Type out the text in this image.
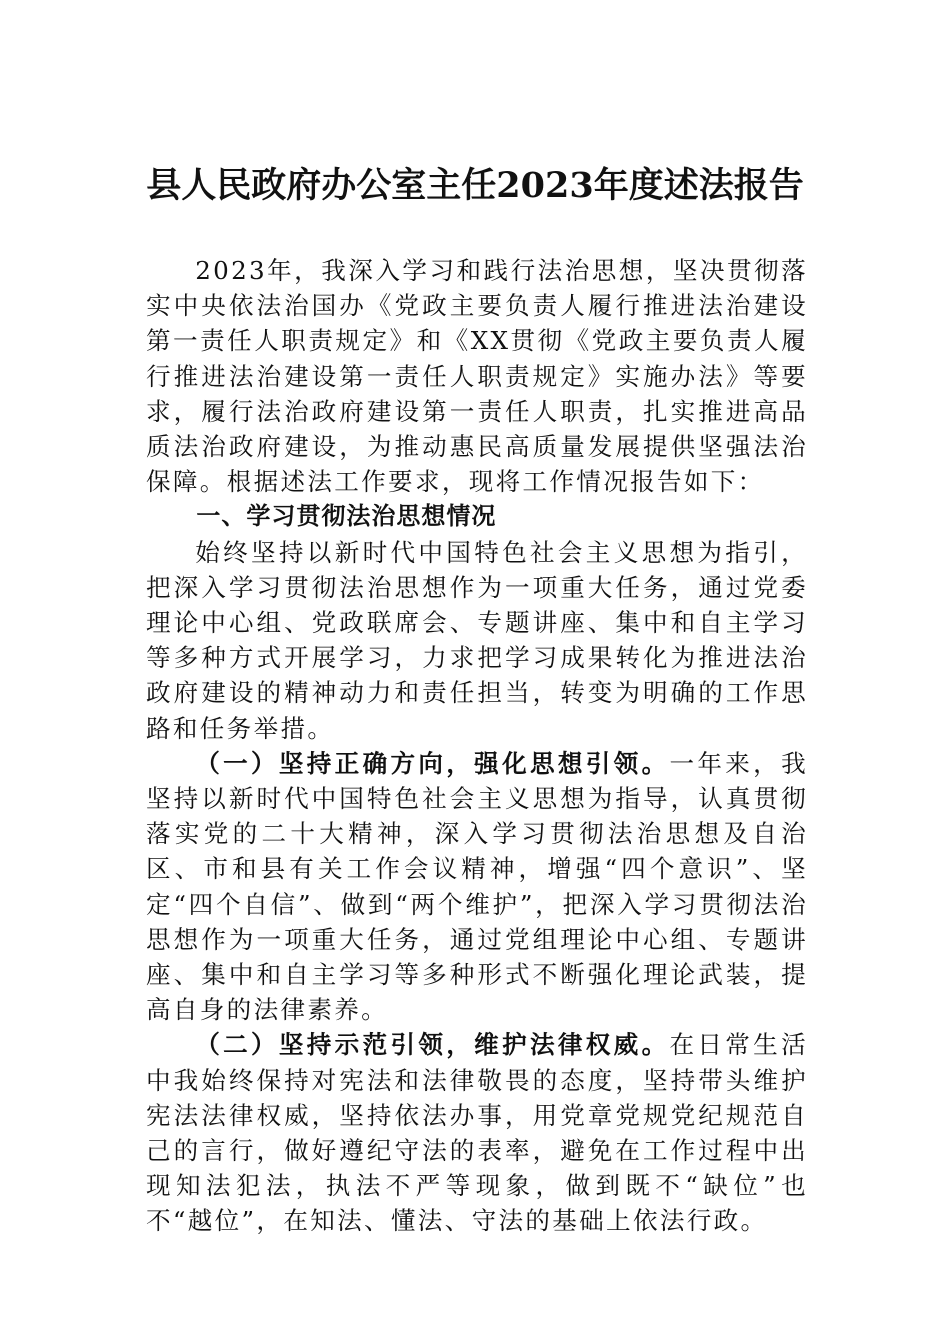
县人民政府办公室主任2023年度述法报告

2023年，我深入学习和践行法治思想，坚决贯彻落实中央依法治国办《党政主要负责人履行推进法治建设第一责任人职责规定》和《XX贯彻《党政主要负责人履行推进法治建设第一责任人职责规定》实施办法》等要求，履行法治政府建设第一责任人职责，扎实推进高品质法治政府建设，为推动惠民高质量发展提供坚强法治保障。根据述法工作要求，现将工作情况报告如下：

一、学习贯彻法治思想情况

始终坚持以新时代中国特色社会主义思想为指引，把深入学习贯彻法治思想作为一项重大任务，通过党委理论中心组、党政联席会、专题讲座、集中和自主学习等多种方式开展学习，力求把学习成果转化为推进法治政府建设的精神动力和责任担当，转变为明确的工作思路和任务举措。

（一）坚持正确方向，强化思想引领。一年来，我坚持以新时代中国特色社会主义思想为指导，认真贯彻落实党的二十大精神，深入学习贯彻法治思想及自治区、市和县有关工作会议精神，增强“四个意识”、坚定“四个自信”、做到“两个维护”，把深入学习贯彻法治思想作为一项重大任务，通过党组理论中心组、专题讲座、集中和自主学习等多种形式不断强化理论武装，提高自身的法律素养。

（二）坚持示范引领，维护法律权威。在日常生活中我始终保持对宪法和法律敬畏的态度，坚持带头维护宪法法律权威，坚持依法办事，用党章党规党纪规范自己的言行，做好遵纪守法的表率，避免在工作过程中出现知法犯法，执法不严等现象，做到既不“缺位”也不“越位”，在知法、懂法、守法的基础上依法行政。
